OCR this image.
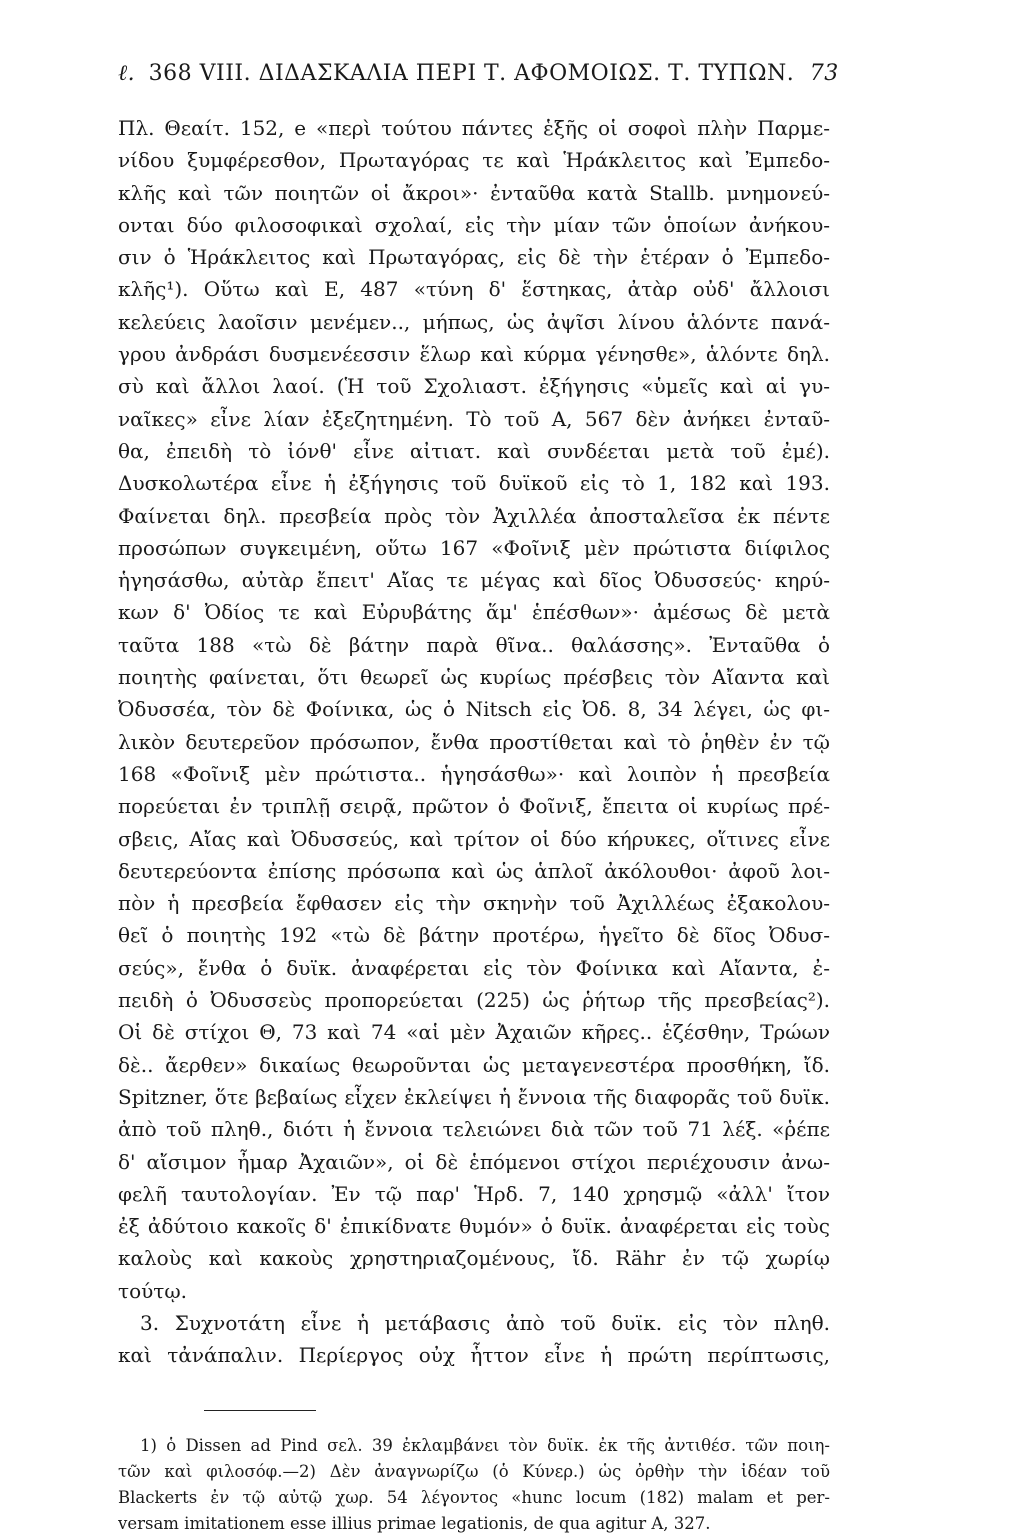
ℓ. 368 VIII. ΔΙΔΑΣΚΑΛΙΑ ΠΕΡΙ Τ. ΑΦΟΜΟΙΩΣ. Τ. ΤΥΠΩΝ. 73
Πλ. Θεαίτ. 152, e «περὶ τούτου πάντες ἑξῆς οἱ σοφοὶ πλὴν Παρμε-
νίδου ξυμφέρεσθον, Πρωταγόρας τε καὶ Ἡράκλειτος καὶ Ἐμπεδο-
κλῆς καὶ τῶν ποιητῶν οἱ ἄκροι»· ἐνταῦθα κατὰ Stallb. μνημονεύ-
ονται δύο φιλοσοφικαὶ σχολαί, εἰς τὴν μίαν τῶν ὁποίων ἀνήκου-
σιν ὁ Ἡράκλειτος καὶ Πρωταγόρας, εἰς δὲ τὴν ἑτέραν ὁ Ἐμπεδο-
κλῆς¹). Οὕτω καὶ Ε, 487 «τύνη δ' ἕστηκας, ἀτὰρ οὐδ' ἄλλοισι
κελεύεις λαοῖσιν μενέμεν.., μήπως, ὡς ἀψῖσι λίνου ἁλόντε πανά-
γρου ἀνδράσι δυσμενέεσσιν ἕλωρ καὶ κύρμα γένησθε», ἁλόντε δηλ.
σὺ καὶ ἄλλοι λαοί. (Ἡ τοῦ Σχολιαστ. ἐξήγησις «ὑμεῖς καὶ αἱ γυ-
ναῖκες» εἶνε λίαν ἐξεζητημένη. Τὸ τοῦ Α, 567 δὲν ἀνήκει ἐνταῦ-
θα, ἐπειδὴ τὸ ἰόνθ' εἶνε αἰτιατ. καὶ συνδέεται μετὰ τοῦ ἐμέ).
Δυσκολωτέρα εἶνε ἡ ἐξήγησις τοῦ δυϊκοῦ εἰς τὸ 1, 182 καὶ 193.
Φαίνεται δηλ. πρεσβεία πρὸς τὸν Ἀχιλλέα ἀποσταλεῖσα ἐκ πέντε
προσώπων συγκειμένη, οὕτω 167 «Φοῖνιξ μὲν πρώτιστα διίφιλος
ἡγησάσθω, αὐτὰρ ἔπειτ' Αἴας τε μέγας καὶ δῖος Ὀδυσσεύς· κηρύ-
κων δ' Ὀδίος τε καὶ Εὐρυβάτης ἅμ' ἑπέσθων»· ἀμέσως δὲ μετὰ
ταῦτα 188 «τὼ δὲ βάτην παρὰ θῖνα.. θαλάσσης». Ἐνταῦθα ὁ
ποιητὴς φαίνεται, ὅτι θεωρεῖ ὡς κυρίως πρέσβεις τὸν Αἴαντα καὶ
Ὀδυσσέα, τὸν δὲ Φοίνικα, ὡς ὁ Nitsch εἰς Ὀδ. 8, 34 λέγει, ὡς φι-
λικὸν δευτερεῦον πρόσωπον, ἔνθα προστίθεται καὶ τὸ ῥηθὲν ἐν τῷ
168 «Φοῖνιξ μὲν πρώτιστα.. ἡγησάσθω»· καὶ λοιπὸν ἡ πρεσβεία
πορεύεται ἐν τριπλῇ σειρᾷ, πρῶτον ὁ Φοῖνιξ, ἔπειτα οἱ κυρίως πρέ-
σβεις, Αἴας καὶ Ὀδυσσεύς, καὶ τρίτον οἱ δύο κήρυκες, οἵτινες εἶνε
δευτερεύοντα ἐπίσης πρόσωπα καὶ ὡς ἁπλοῖ ἀκόλουθοι· ἀφοῦ λοι-
πὸν ἡ πρεσβεία ἔφθασεν εἰς τὴν σκηνὴν τοῦ Ἀχιλλέως ἐξακολου-
θεῖ ὁ ποιητὴς 192 «τὼ δὲ βάτην προτέρω, ἡγεῖτο δὲ δῖος Ὀδυσ-
σεύς», ἔνθα ὁ δυϊκ. ἀναφέρεται εἰς τὸν Φοίνικα καὶ Αἴαντα, ἐ-
πειδὴ ὁ Ὀδυσσεὺς προπορεύεται (225) ὡς ῥήτωρ τῆς πρεσβείας²).
Οἱ δὲ στίχοι Θ, 73 καὶ 74 «αἱ μὲν Ἀχαιῶν κῆρες.. ἑζέσθην, Τρώων
δὲ.. ἄερθεν» δικαίως θεωροῦνται ὡς μεταγενεστέρα προσθήκη, ἴδ.
Spitzner, ὅτε βεβαίως εἶχεν ἐκλείψει ἡ ἔννοια τῆς διαφορᾶς τοῦ δυϊκ.
ἀπὸ τοῦ πληθ., διότι ἡ ἔννοια τελειώνει διὰ τῶν τοῦ 71 λέξ. «ῥέπε
δ' αἴσιμον ἦμαρ Ἀχαιῶν», οἱ δὲ ἑπόμενοι στίχοι περιέχουσιν ἀνω-
φελῆ ταυτολογίαν. Ἐν τῷ παρ' Ἡρδ. 7, 140 χρησμῷ «ἀλλ' ἴτον
ἐξ ἀδύτοιο κακοῖς δ' ἐπικίδνατε θυμόν» ὁ δυϊκ. ἀναφέρεται εἰς τοὺς
καλοὺς καὶ κακοὺς χρηστηριαζομένους, ἴδ. Rähr ἐν τῷ χωρίῳ
τούτῳ.
3. Συχνοτάτη εἶνε ἡ μετάβασις ἀπὸ τοῦ δυϊκ. εἰς τὸν πληθ.
καὶ τἀνάπαλιν. Περίεργος οὐχ ἧττον εἶνε ἡ πρώτη περίπτωσις,
1) ὁ Dissen ad Pind σελ. 39 ἐκλαμβάνει τὸν δυϊκ. ἐκ τῆς ἀντιθέσ. τῶν ποιη-
τῶν καὶ φιλοσόφ.—2) Δὲν ἀναγνωρίζω (ὁ Κύνερ.) ὡς ὀρθὴν τὴν ἰδέαν τοῦ
Blackerts ἐν τῷ αὐτῷ χωρ. 54 λέγοντος «hunc locum (182) malam et per-
versam imitationem esse illius primae legationis, de qua agitur Α, 327.
